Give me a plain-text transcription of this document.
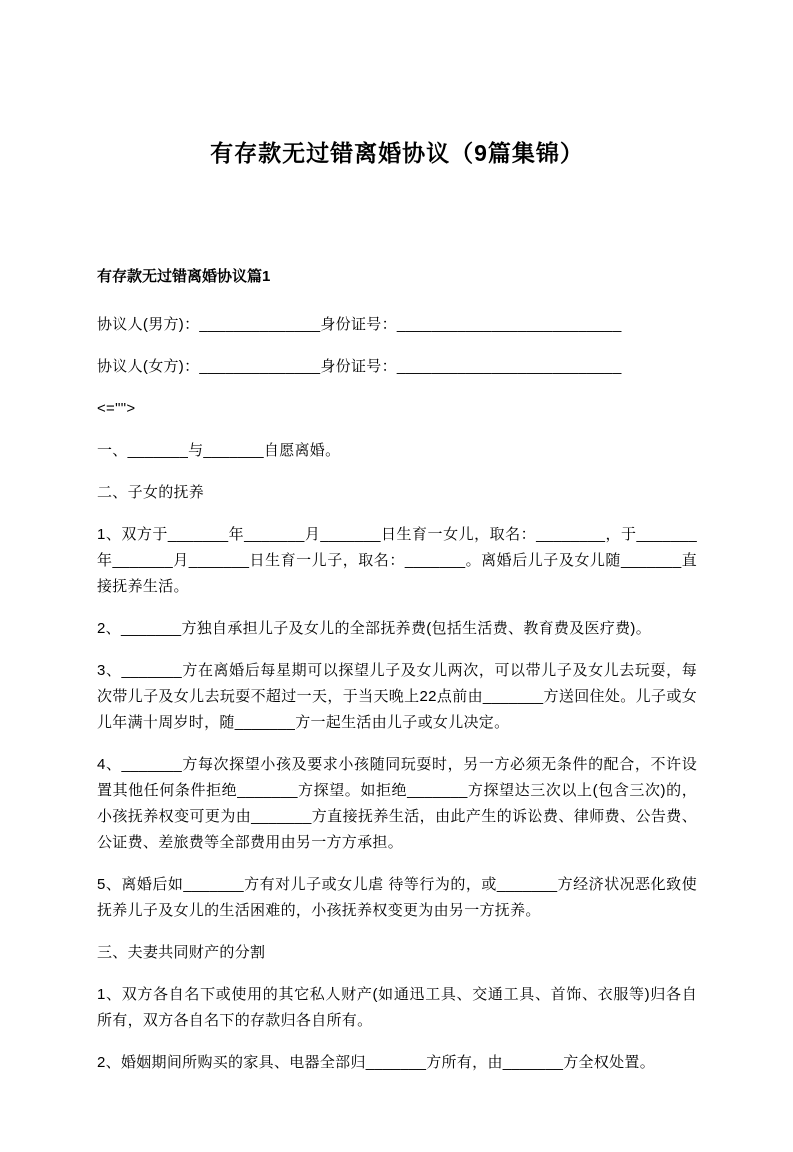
有存款无过错离婚协议（9篇集锦）
有存款无过错离婚协议篇1

协议人(男方)：______________身份证号：__________________________

协议人(女方)：______________身份证号：__________________________

<="">

一、_______与_______自愿离婚。

二、子女的抚养

1、双方于_______年_______月_______日生育一女儿，取名：________，于_______年_______月_______日生育一儿子，取名：_______。离婚后儿子及女儿随_______直接抚养生活。

2、_______方独自承担儿子及女儿的全部抚养费(包括生活费、教育费及医疗费)。

3、_______方在离婚后每星期可以探望儿子及女儿两次，可以带儿子及女儿去玩耍，每次带儿子及女儿去玩耍不超过一天，于当天晚上22点前由_______方送回住处。儿子或女儿年满十周岁时，随_______方一起生活由儿子或女儿决定。

4、_______方每次探望小孩及要求小孩随同玩耍时，另一方必须无条件的配合，不许设置其他任何条件拒绝_______方探望。如拒绝_______方探望达三次以上(包含三次)的，小孩抚养权变可更为由_______方直接抚养生活，由此产生的诉讼费、律师费、公告费、公证费、差旅费等全部费用由另一方方承担。

5、离婚后如_______方有对儿子或女儿虐 待等行为的，或_______方经济状况恶化致使抚养儿子及女儿的生活困难的，小孩抚养权变更为由另一方抚养。

三、夫妻共同财产的分割

1、双方各自名下或使用的其它私人财产(如通迅工具、交通工具、首饰、衣服等)归各自所有，双方各自名下的存款归各自所有。

2、婚姻期间所购买的家具、电器全部归_______方所有，由_______方全权处置。
